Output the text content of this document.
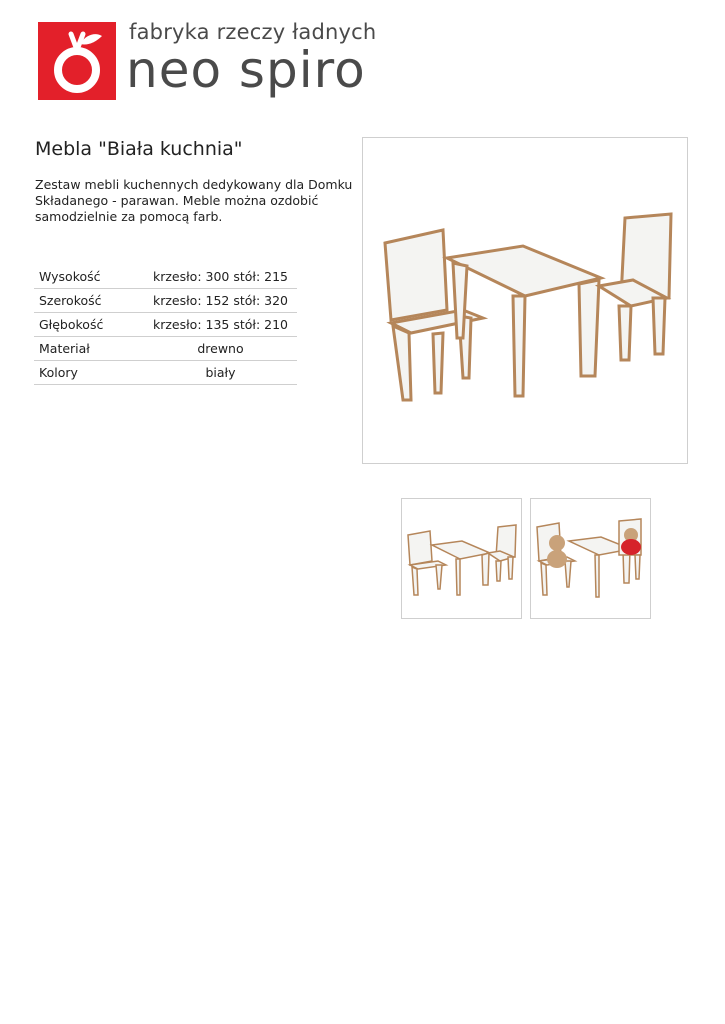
fabryka rzeczy ładnych
neo spiro
Mebla "Biała kuchnia"

Zestaw mebli kuchennych dedykowany dla Domku Składanego - parawan. Meble można ozdobić samodzielnie za pomocą farb.

Wysokość	krzesło: 300 stół: 215
Szerokość	krzesło: 152 stół: 320
Głębokość	krzesło: 135 stół: 210
Materiał	drewno
Kolory	biały
